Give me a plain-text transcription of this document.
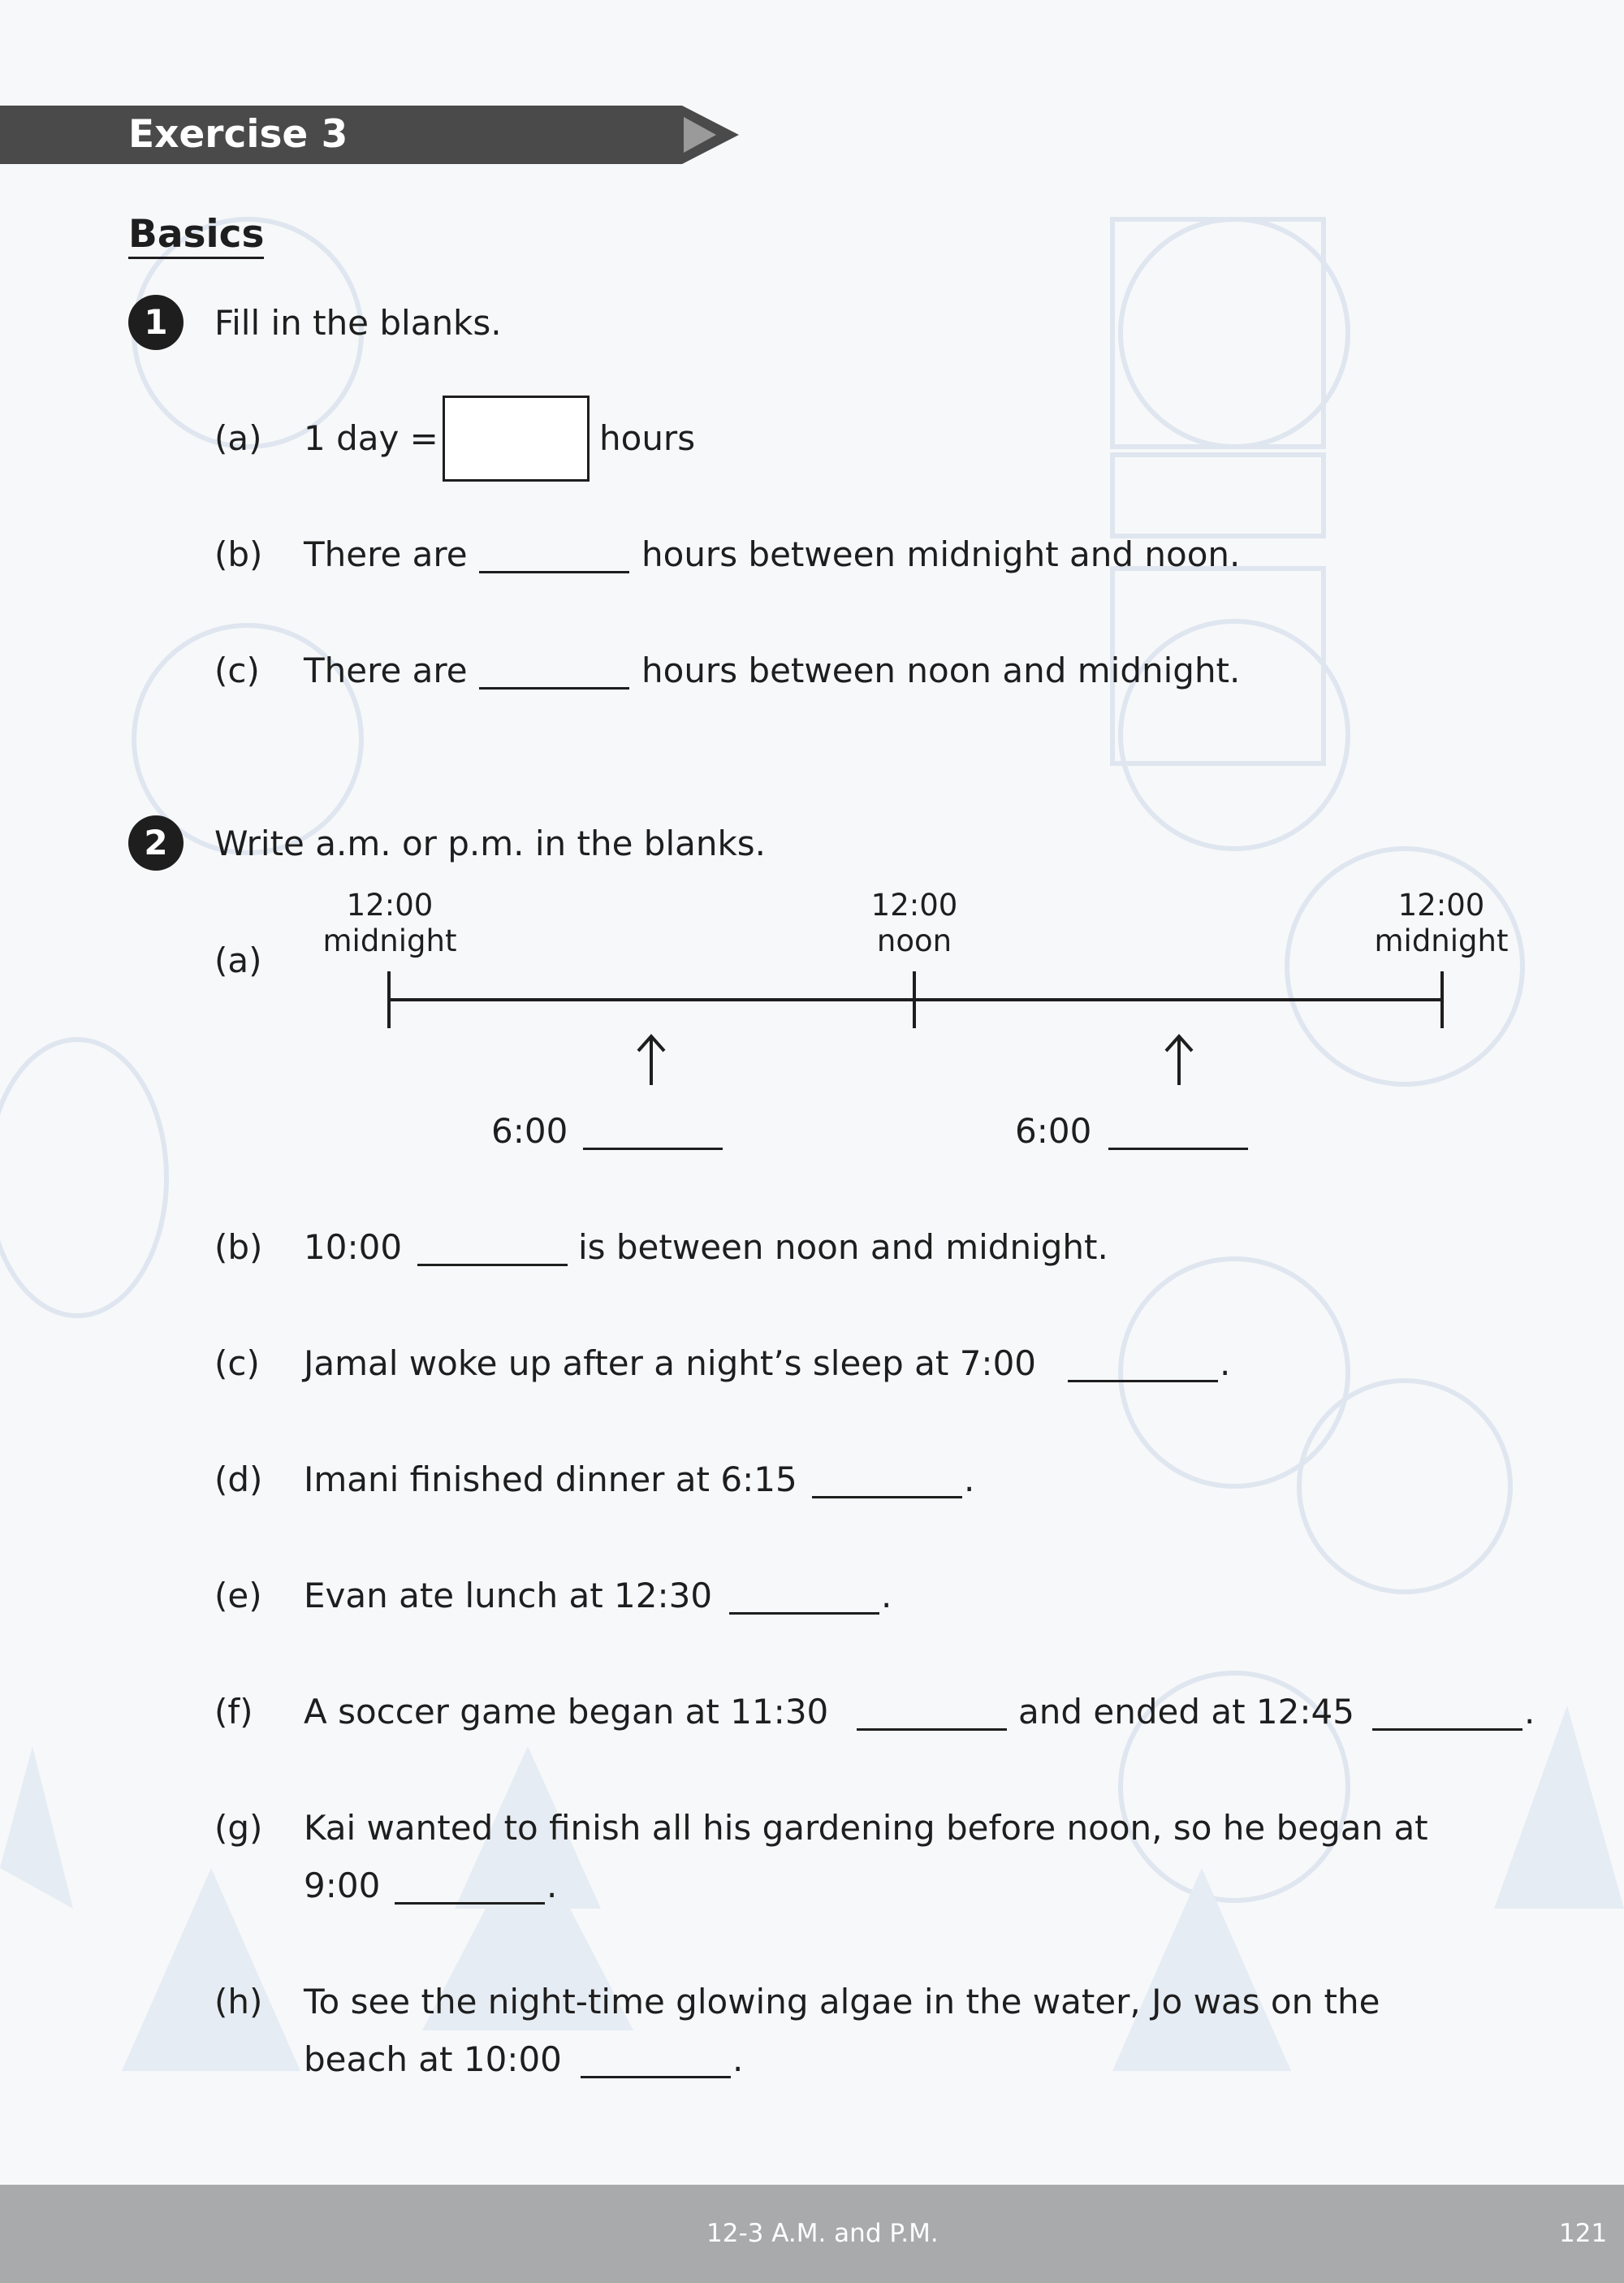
Exercise 3
Basics
1	Fill in the blanks.
(a) 1 day =	hours
(b) There are	hours between midnight and noon.
(c) There are	hours between noon and midnight.
2	Write a.m. or p.m. in the blanks.
(a)
12:00
midnight
12:00
noon
12:00
midnight
6:00	6:00
(b) 10:00	is between noon and midnight.
(c) Jamal woke up after a night’s sleep at 7:00	.
(d) Imani finished dinner at 6:15	.
(e) Evan ate lunch at 12:30	.
(f) A soccer game began at 11:30	and ended at 12:45	.
(g) Kai wanted to finish all his gardening before noon, so he began at
9:00	.
(h) To see the night-time glowing algae in the water, Jo was on the
beach at 10:00	.
12-3 A.M. and P.M.	121
